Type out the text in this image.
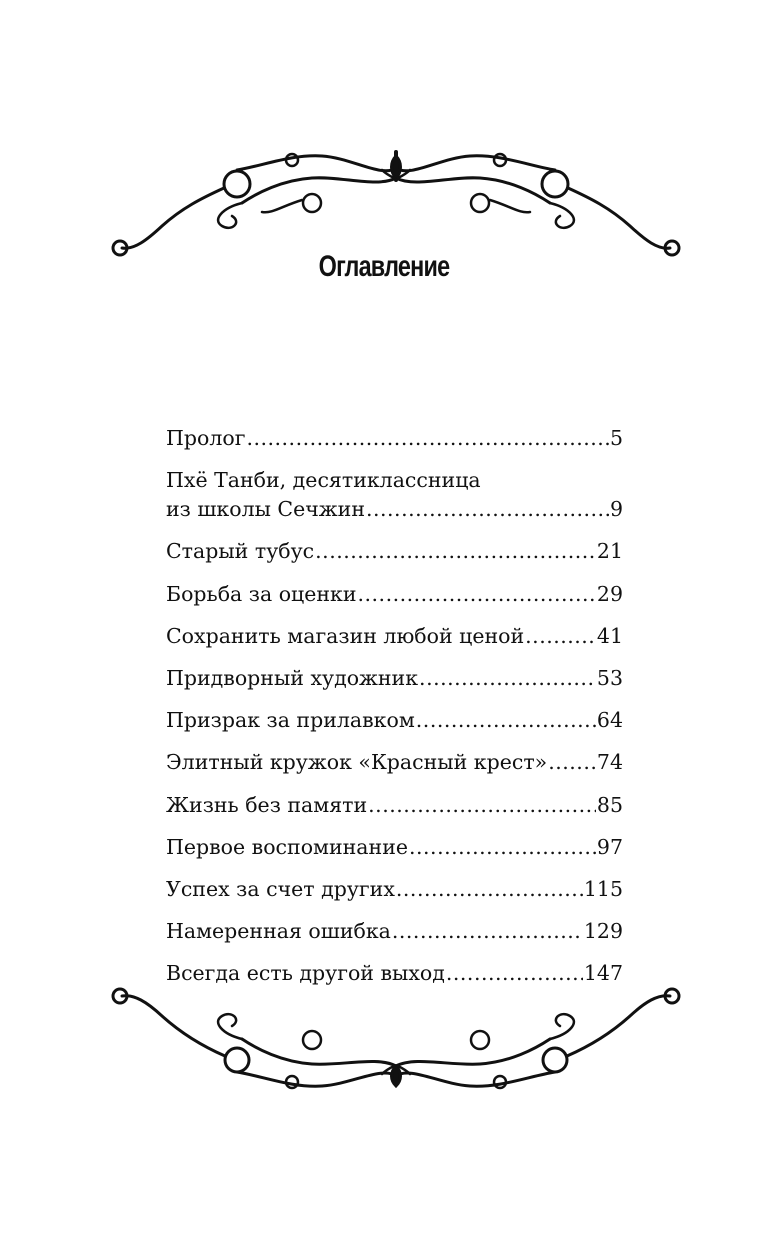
Оглавление
Пролог .....	5
Пхё Танби, десятиклассница
из школы Сечжин .....	9
Старый тубус .....	21
Борьба за оценки .....	29
Сохранить магазин любой ценой .....	41
Придворный художник .....	53
Призрак за прилавком .....	64
Элитный кружок «Красный крест» ..... 74
Жизнь без памяти .....	85
Первое воспоминание .....	97
Успех за счет других .....	115
Намеренная ошибка .....	129
Всегда есть другой выход .....	147
